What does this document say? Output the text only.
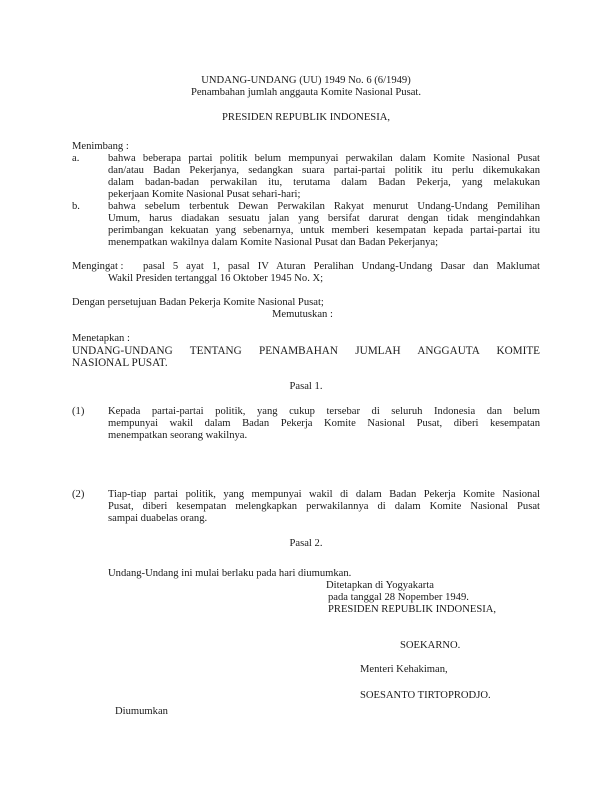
UNDANG-UNDANG (UU) 1949 No. 6 (6/1949)
Penambahan jumlah anggauta Komite Nasional Pusat.
PRESIDEN REPUBLIK INDONESIA,
Menimbang :
a.	bahwa beberapa partai politik belum mempunyai perwakilan dalam Komite Nasional Pusat
dan/atau Badan Pekerjanya, sedangkan suara partai-partai politik itu perlu dikemukakan
dalam badan-badan perwakilan itu, terutama dalam Badan Pekerja, yang melakukan
pekerjaan Komite Nasional Pusat sehari-hari;
b.	bahwa sebelum terbentuk Dewan Perwakilan Rakyat menurut Undang-Undang Pemilihan
Umum, harus diadakan sesuatu jalan yang bersifat darurat dengan tidak mengindahkan
perimbangan kekuatan yang sebenarnya, untuk memberi kesempatan kepada partai-partai itu
menempatkan wakilnya dalam Komite Nasional Pusat dan Badan Pekerjanya;
Mengingat : pasal 5 ayat 1, pasal IV Aturan Peralihan Undang-Undang Dasar dan Maklumat
Wakil Presiden tertanggal 16 Oktober 1945 No. X;
Dengan persetujuan Badan Pekerja Komite Nasional Pusat;
Memutuskan :
Menetapkan :
UNDANG-UNDANG TENTANG PENAMBAHAN JUMLAH ANGGAUTA KOMITE
NASIONAL PUSAT.
Pasal 1.
(1) Kepada partai-partai politik, yang cukup tersebar di seluruh Indonesia dan belum
mempunyai wakil dalam Badan Pekerja Komite Nasional Pusat, diberi kesempatan
menempatkan seorang wakilnya.
(2) Tiap-tiap partai politik, yang mempunyai wakil di dalam Badan Pekerja Komite Nasional
Pusat, diberi kesempatan melengkapkan perwakilannya di dalam Komite Nasional Pusat
sampai duabelas orang.
Pasal 2.
Undang-Undang ini mulai berlaku pada hari diumumkan.
Ditetapkan di Yogyakarta
pada tanggal 28 Nopember 1949.
PRESIDEN REPUBLIK INDONESIA,
SOEKARNO.
Menteri Kehakiman,
SOESANTO TIRTOPRODJO.
Diumumkan
